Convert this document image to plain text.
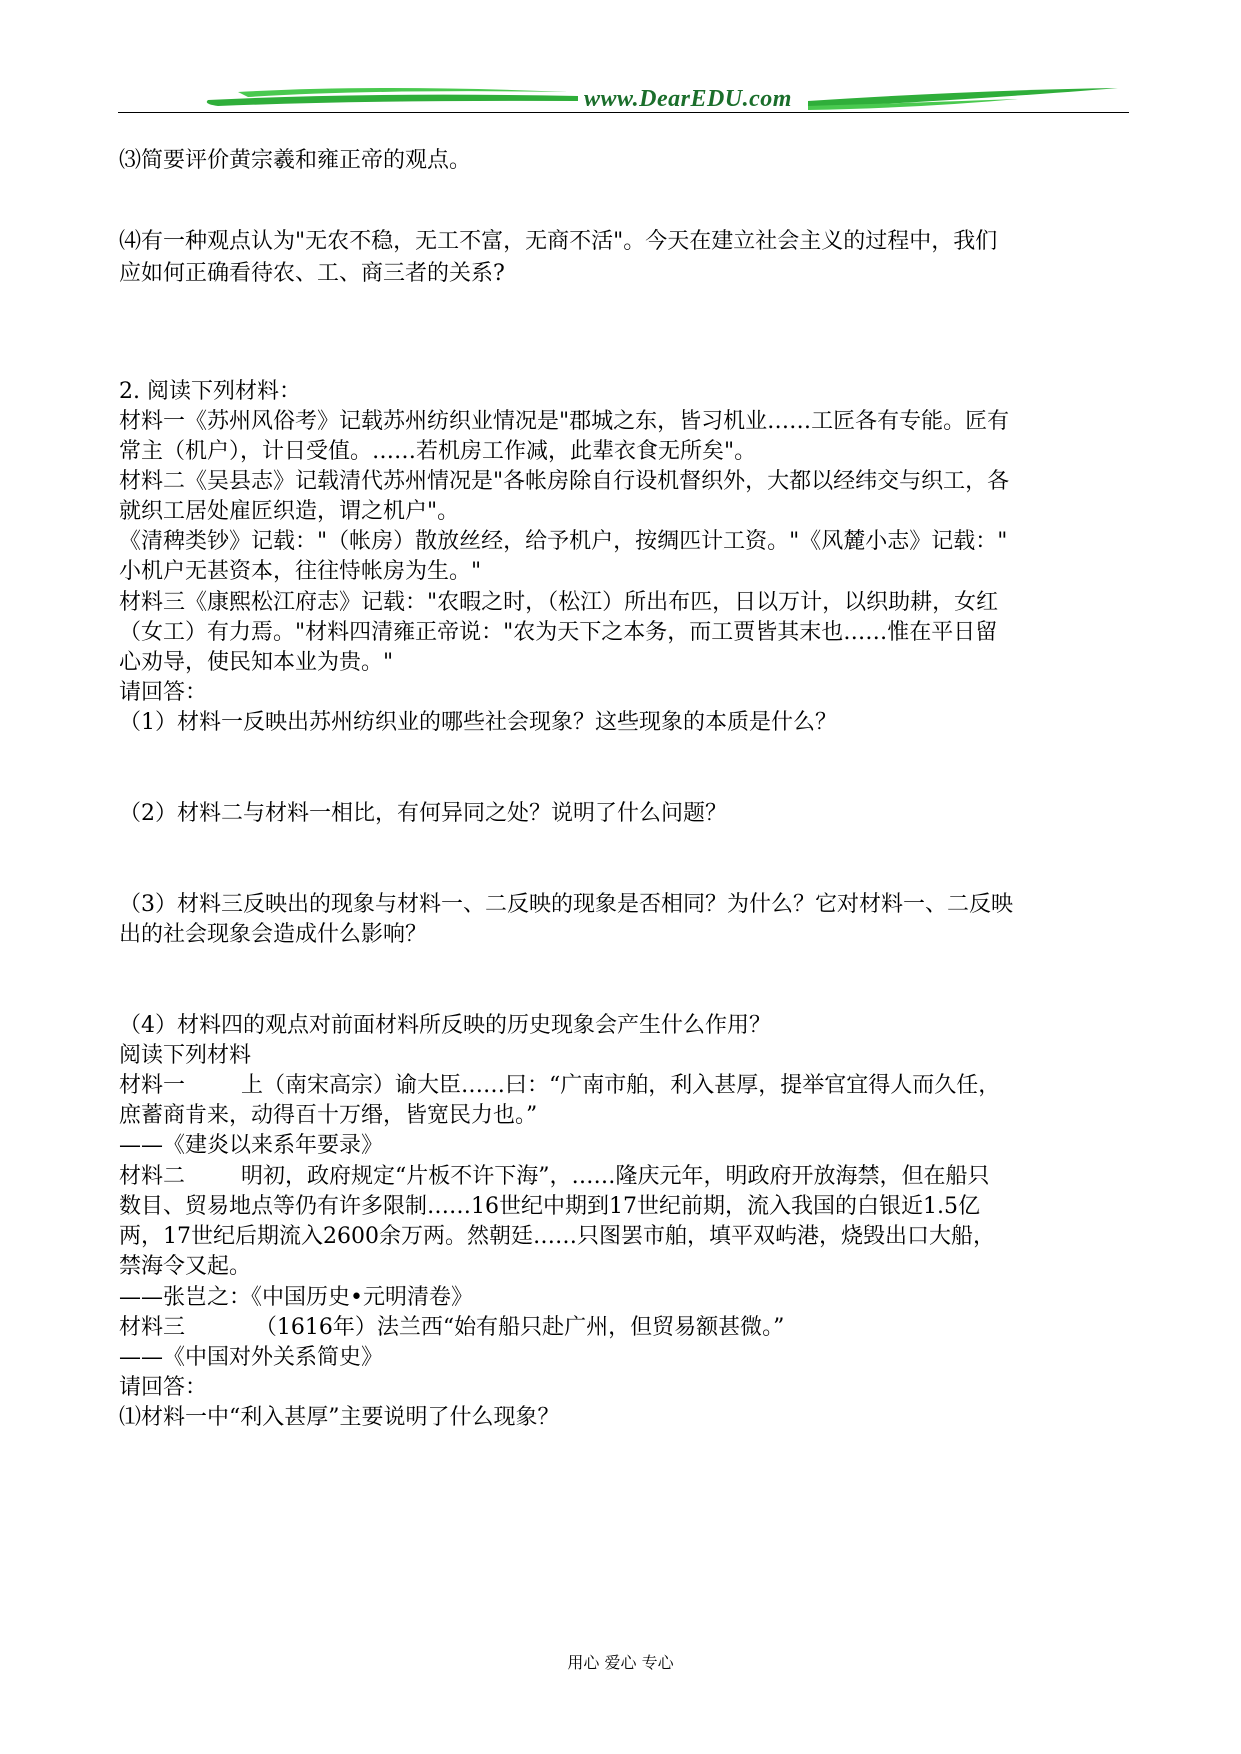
www.DearEDU.com
⑶简要评价黄宗羲和雍正帝的观点。
⑷有一种观点认为"无农不稳，无工不富，无商不活"。今天在建立社会主义的过程中，我们
应如何正确看待农、工、商三者的关系?
2. 阅读下列材料：
材料一《苏州风俗考》记载苏州纺织业情况是"郡城之东，皆习机业……工匠各有专能。匠有
常主（机户），计日受值。……若机房工作减，此辈衣食无所矣"。
材料二《吴县志》记载清代苏州情况是"各帐房除自行设机督织外，大都以经纬交与织工，各
就织工居处雇匠织造，谓之机户"。
《清稗类钞》记载："（帐房）散放丝经，给予机户，按绸匹计工资。"《风麓小志》记载："
小机户无甚资本，往往恃帐房为生。"
材料三《康熙松江府志》记载："农暇之时，（松江）所出布匹，日以万计，以织助耕，女红
（女工）有力焉。"材料四清雍正帝说："农为天下之本务，而工贾皆其末也……惟在平日留
心劝导，使民知本业为贵。"
请回答：
（1）材料一反映出苏州纺织业的哪些社会现象？这些现象的本质是什么？
（2）材料二与材料一相比，有何异同之处？说明了什么问题？
（3）材料三反映出的现象与材料一、二反映的现象是否相同？为什么？它对材料一、二反映
出的社会现象会造成什么影响？
（4）材料四的观点对前面材料所反映的历史现象会产生什么作用？
阅读下列材料
材料一        上（南宋高宗）谕大臣……曰：“广南市舶，利入甚厚，提举官宜得人而久任，
庶蓄商肯来，动得百十万缗，皆宽民力也。”
——《建炎以来系年要录》
材料二        明初，政府规定“片板不许下海”，……隆庆元年，明政府开放海禁，但在船只
数目、贸易地点等仍有许多限制……16世纪中期到17世纪前期，流入我国的白银近1.5亿
两，17世纪后期流入2600余万两。然朝廷……只图罢市舶，填平双屿港，烧毁出口大船，
禁海令又起。
——张岂之：《中国历史•元明清卷》
材料三          （1616年）法兰西“始有船只赴广州，但贸易额甚微。”
——《中国对外关系简史》
请回答：
⑴材料一中“利入甚厚”主要说明了什么现象？
用心 爱心 专心
